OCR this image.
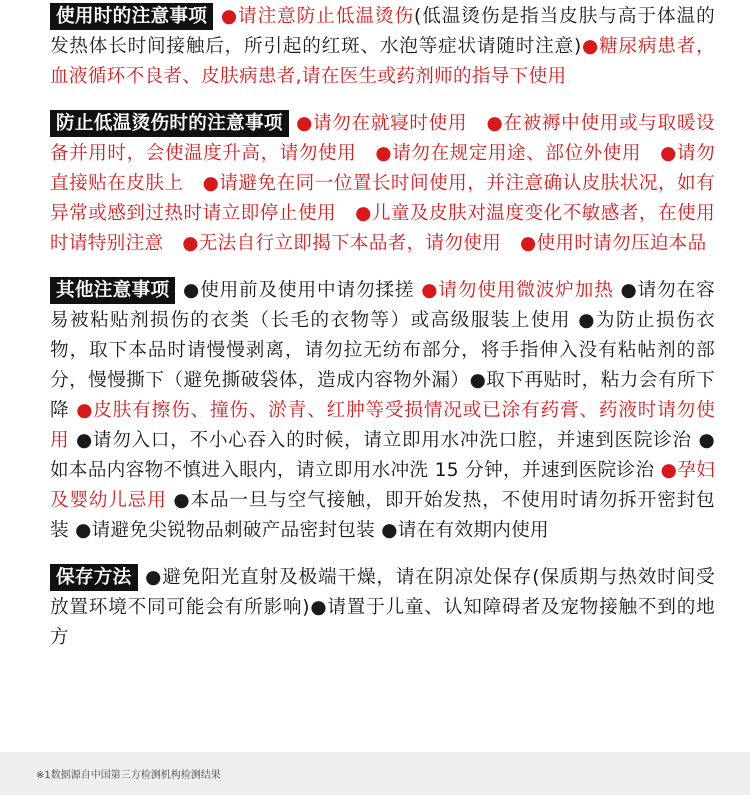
使用时的注意事项 ●请注意防止低温烫伤(低温烫伤是指当皮肤与高于体温的发热体长时间接触后，所引起的红斑、水泡等症状请随时注意)●糖尿病患者，血液循环不良者、皮肤病患者,请在医生或药剂师的指导下使用
防止低温烫伤时的注意事项 ●请勿在就寝时使用　●在被褥中使用或与取暖设备并用时，会使温度升高，请勿使用　●请勿在规定用途、部位外使用　●请勿直接贴在皮肤上　●请避免在同一位置长时间使用，并注意确认皮肤状况，如有异常或感到过热时请立即停止使用　●儿童及皮肤对温度变化不敏感者，在使用时请特别注意　●无法自行立即揭下本品者，请勿使用　●使用时请勿压迫本品
其他注意事项 ●使用前及使用中请勿揉搓 ●请勿使用微波炉加热 ●请勿在容易被粘贴剂损伤的衣类（长毛的衣物等）或高级服装上使用 ●为防止损伤衣物，取下本品时请慢慢剥离，请勿拉无纺布部分，将手指伸入没有粘帖剂的部分，慢慢撕下（避免撕破袋体，造成内容物外漏）●取下再贴时，粘力会有所下降 ●皮肤有擦伤、撞伤、淤青、红肿等受损情况或已涂有药膏、药液时请勿使用 ●请勿入口，不小心吞入的时候，请立即用水冲洗口腔，并速到医院诊治 ●如本品内容物不慎进入眼内，请立即用水冲洗 15 分钟，并速到医院诊治 ●孕妇及婴幼儿忌用 ●本品一旦与空气接触，即开始发热，不使用时请勿拆开密封包装 ●请避免尖锐物品刺破产品密封包装 ●请在有效期内使用
保存方法 ●避免阳光直射及极端干燥，请在阴凉处保存(保质期与热效时间受放置环境不同可能会有所影响)●请置于儿童、认知障碍者及宠物接触不到的地方
※1数据源自中国第三方检测机构检测结果
